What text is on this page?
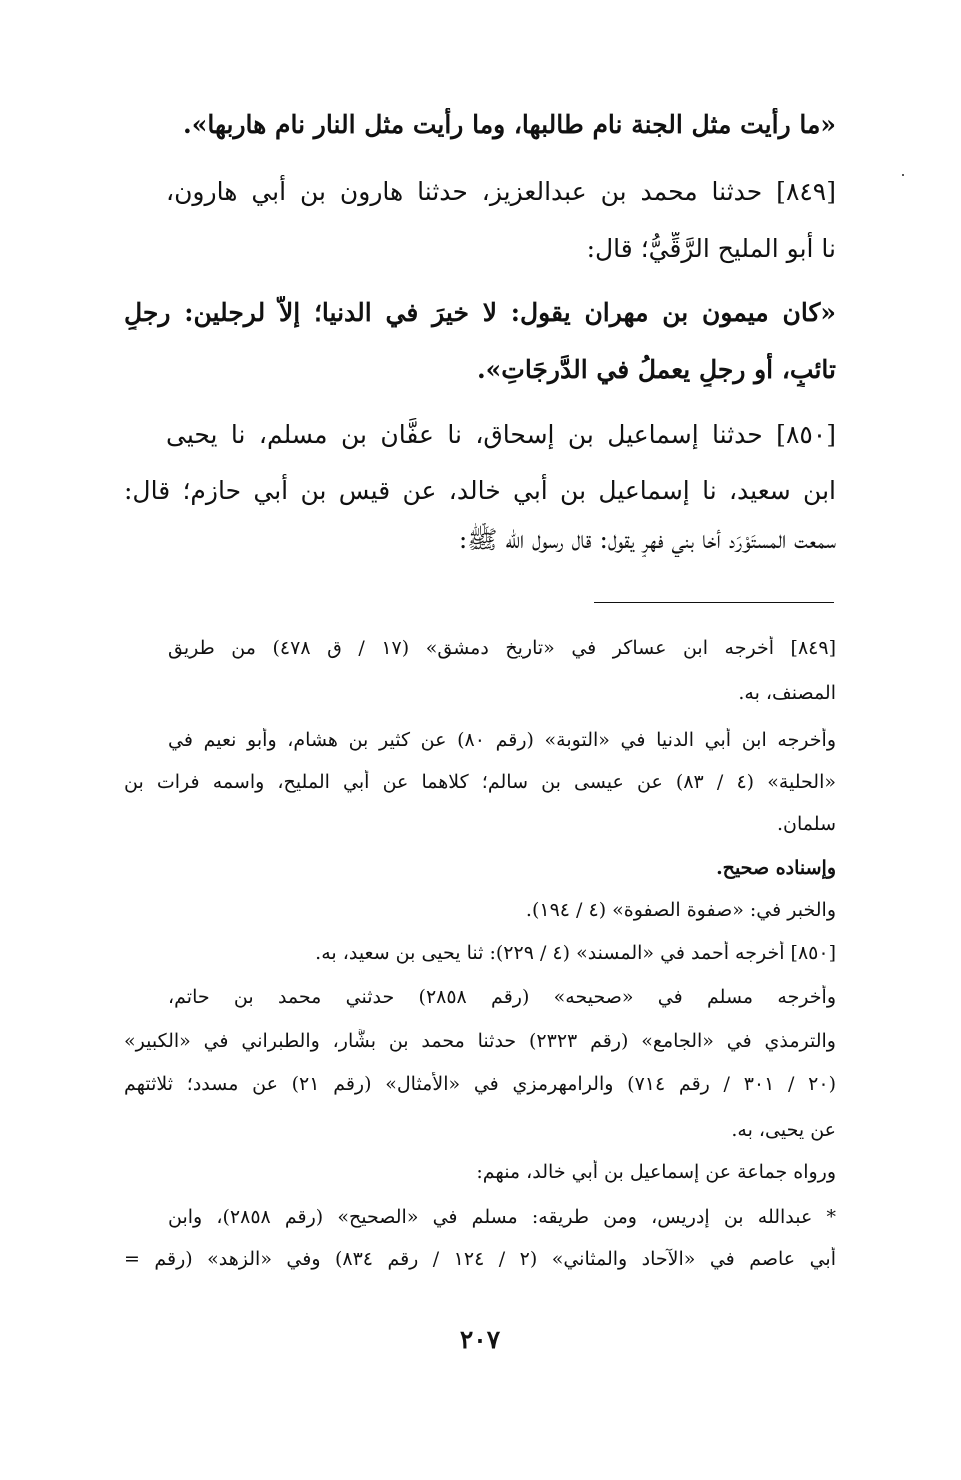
«ما رأيت مثل الجنة نام طالبها، وما رأيت مثل النار نام هاربها».
[٨٤٩] حدثنا محمد بن عبدالعزيز، حدثنا هارون بن أبي هارون،
نا أبو المليح الرَّقِّيُّ؛ قال:
«كان ميمون بن مهران يقول: لا خيرَ في الدنيا؛ إلاَّ لرجلين: رجلٍ
تائبٍ، أو رجلٍ يعملُ في الدَّرجَاتِ».
[٨٥٠] حدثنا إسماعيل بن إسحاق، نا عفَّان بن مسلم، نا يحيى
ابن سعيد، نا إسماعيل بن أبي خالد، عن قيس بن أبي حازم؛ قال:
سمعت المستَوْرَد أخا بني فهرٍ يقول: قال رسول الله ﷺ:
[٨٤٩] أخرجه ابن عساكر في «تاريخ دمشق» (١٧ / ق ٤٧٨) من طريق
المصنف، به.
وأخرجه ابن أبي الدنيا في «التوبة» (رقم ٨٠) عن كثير بن هشام، وأبو نعيم في
«الحلية» (٤ / ٨٣) عن عيسى بن سالم؛ كلاهما عن أبي المليح، واسمه فرات بن
سلمان.
وإسناده صحيح.
والخبر في: «صفوة الصفوة» (٤ / ١٩٤).
[٨٥٠] أخرجه أحمد في «المسند» (٤ / ٢٢٩): ثنا يحيى بن سعيد، به.
وأخرجه مسلم في «صحيحه» (رقم ٢٨٥٨) حدثني محمد بن حاتم،
والترمذي في «الجامع» (رقم ٢٣٢٣) حدثنا محمد بن بشَّار، والطبراني في «الكبير»
(٢٠ / ٣٠١ / رقم ٧١٤) والرامهرمزي في «الأمثال» (رقم ٢١) عن مسدد؛ ثلاثتهم
عن يحيى، به.
ورواه جماعة عن إسماعيل بن أبي خالد، منهم:
* عبدالله بن إدريس، ومن طريقه: مسلم في «الصحيح» (رقم ٢٨٥٨)، وابن
أبي عاصم في «الآحاد والمثاني» (٢ / ١٢٤ / رقم ٨٣٤) وفي «الزهد» (رقم =
٢٠٧
